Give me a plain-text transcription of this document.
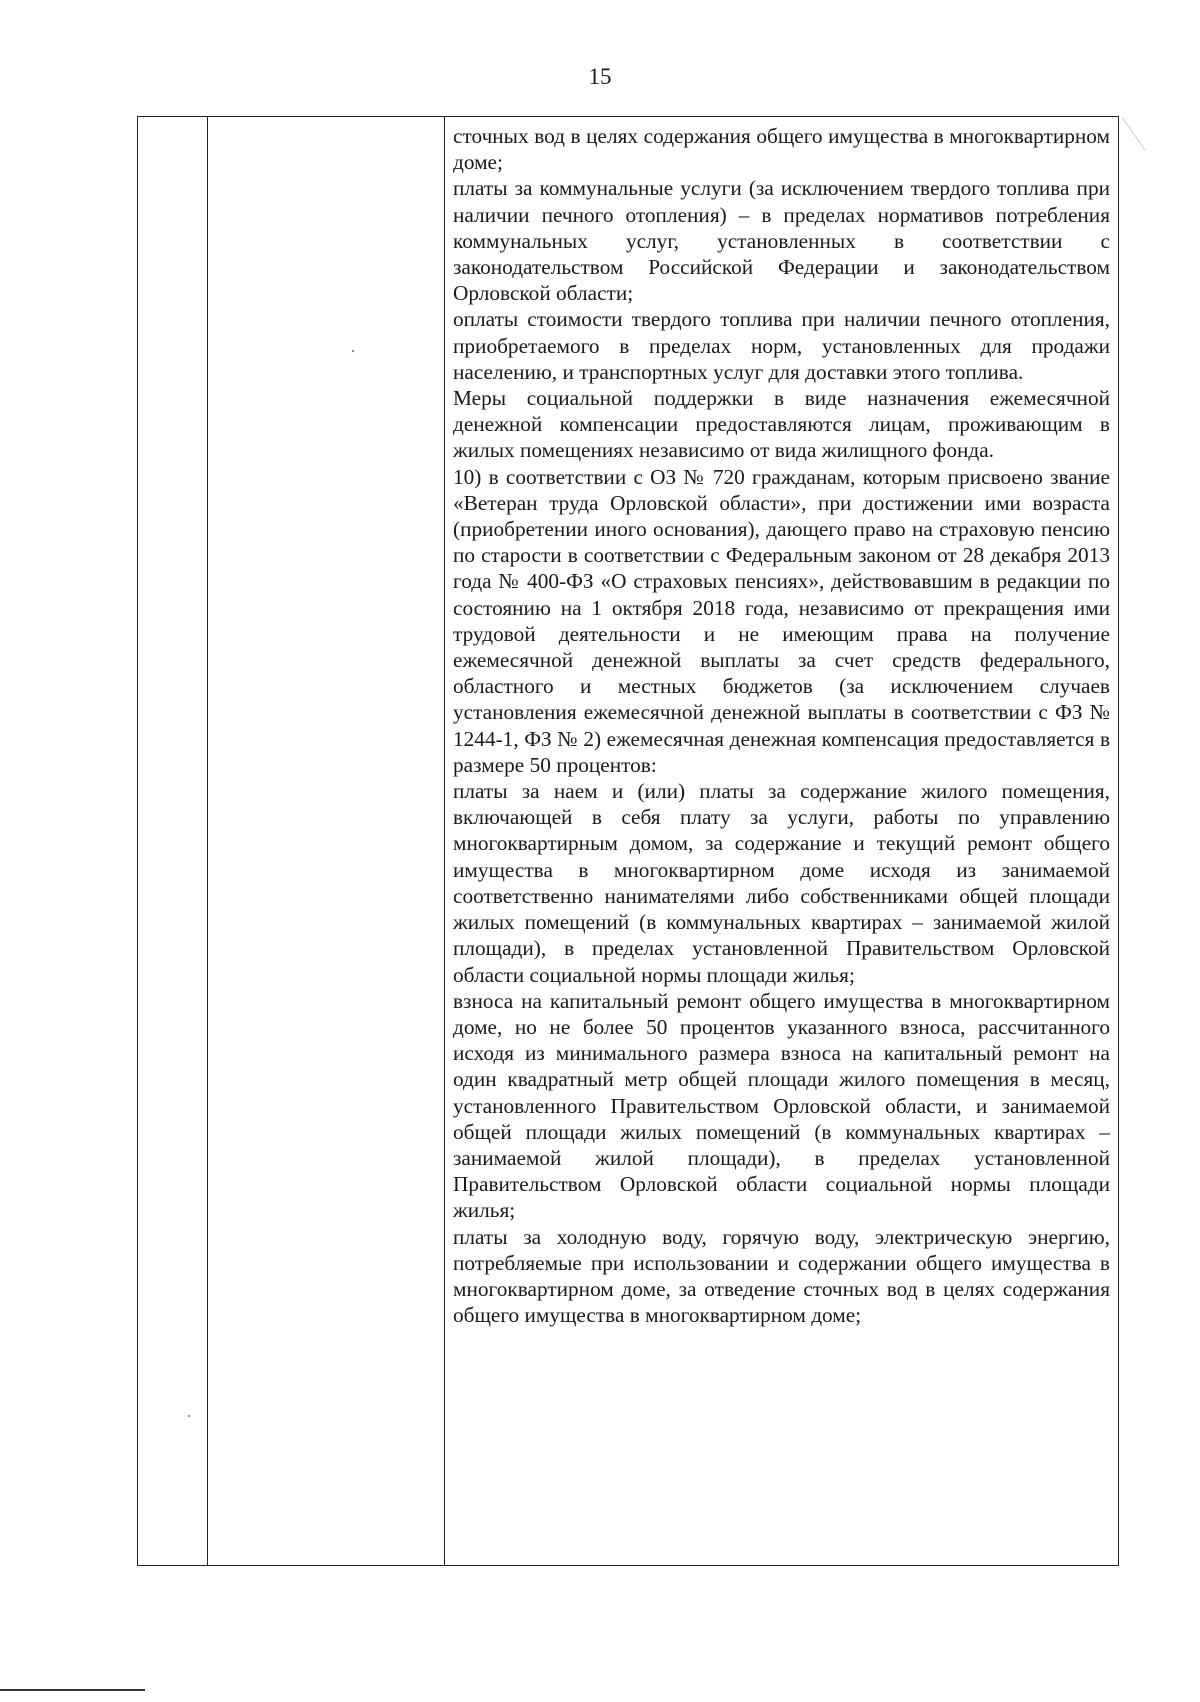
15

сточных вод в целях содержания общего имущества в многоквартирном доме;

платы за коммунальные услуги (за исключением твердого топлива при наличии печного отопления) – в пределах нормативов потребления коммунальных услуг, установленных в соответствии с законодательством Российской Федерации и законодательством Орловской области;

оплаты стоимости твердого топлива при наличии печного отопления, приобретаемого в пределах норм, установленных для продажи населению, и транспортных услуг для доставки этого топлива.

Меры социальной поддержки в виде назначения ежемесячной денежной компенсации предоставляются лицам, проживающим в жилых помещениях независимо от вида жилищного фонда.

10) в соответствии с ОЗ № 720 гражданам, которым присвоено звание «Ветеран труда Орловской области», при достижении ими возраста (приобретении иного основания), дающего право на страховую пенсию по старости в соответствии с Федеральным законом от 28 декабря 2013 года № 400-ФЗ «О страховых пенсиях», действовавшим в редакции по состоянию на 1 октября 2018 года, независимо от прекращения ими трудовой деятельности и не имеющим права на получение ежемесячной денежной выплаты за счет средств федерального, областного и местных бюджетов (за исключением случаев установления ежемесячной денежной выплаты в соответствии с ФЗ № 1244-1, ФЗ № 2) ежемесячная денежная компенсация предоставляется в размере 50 процентов:

платы за наем и (или) платы за содержание жилого помещения, включающей в себя плату за услуги, работы по управлению многоквартирным домом, за содержание и текущий ремонт общего имущества в многоквартирном доме исходя из занимаемой соответственно нанимателями либо собственниками общей площади жилых помещений (в коммунальных квартирах – занимаемой жилой площади), в пределах установленной Правительством Орловской области социальной нормы площади жилья;

взноса на капитальный ремонт общего имущества в многоквартирном доме, но не более 50 процентов указанного взноса, рассчитанного исходя из минимального размера взноса на капитальный ремонт на один квадратный метр общей площади жилого помещения в месяц, установленного Правительством Орловской области, и занимаемой общей площади жилых помещений (в коммунальных квартирах – занимаемой жилой площади), в пределах установленной Правительством Орловской области социальной нормы площади жилья;

платы за холодную воду, горячую воду, электрическую энергию, потребляемые при использовании и содержании общего имущества в многоквартирном доме, за отведение сточных вод в целях содержания общего имущества в многоквартирном доме;
